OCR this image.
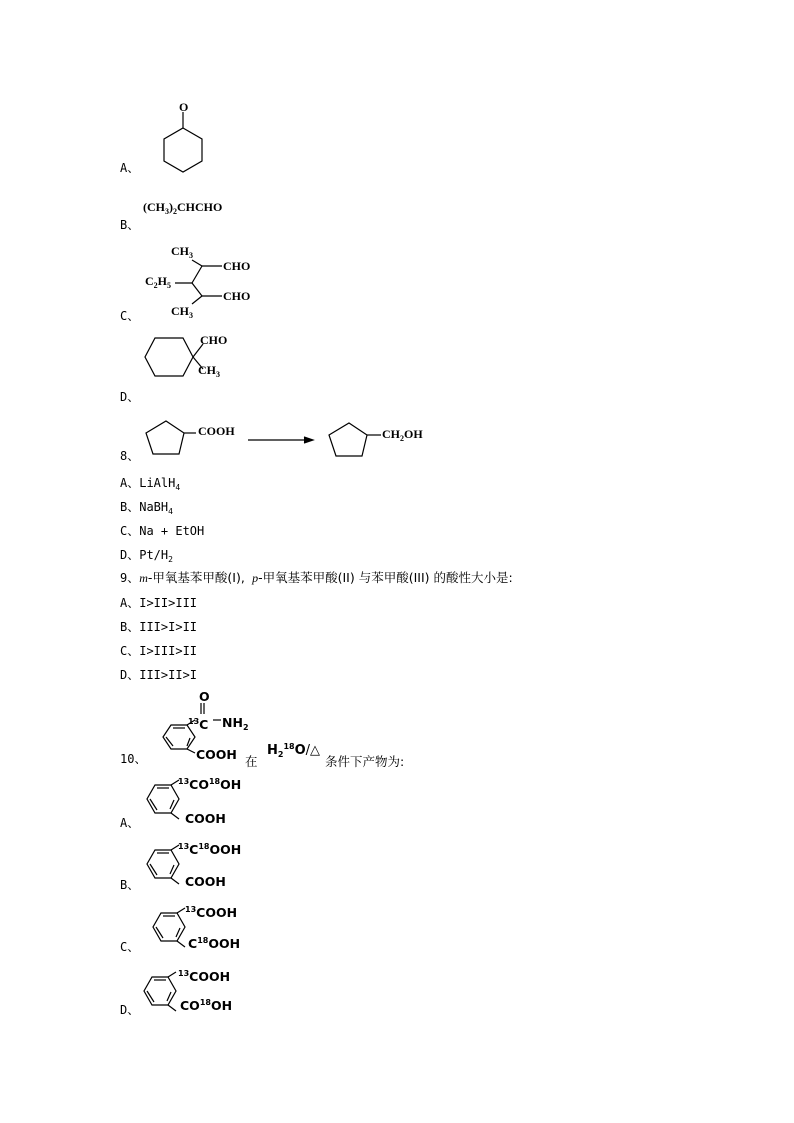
O
A、
$(CH_3)_2CHCHO$
B、
$CH_3$
$C_2H_5$
CHO
CHO
$CH_3$
C、
CHO
$CH_3$
D、
COOH	$CH_2OH$
8、
A、LiAlH$_4$
B、NaBH$_4$
C、Na + EtOH
D、$Pt/H_2$
9、m-甲氧基苯甲酸(I), p-甲氧基苯甲酸(II) 与苯甲酸(III) 的酸性大小是:
A、I>II>III
B、III>I>II
C、I>III>II
D、III>II>I
O
$^{13}$C $NH_2$
COOH
10、	在
$H_2^{18}O/\triangle$
条件下产物为:
$^{13}$CO$^{18}$OH
COOH
A、
$^{13}C^{18}OOH$
COOH
B、
$^{13}$COOH
$C^{18}OOH$
C、
$^{13}$COOH
CO$^{18}$OH
D、
